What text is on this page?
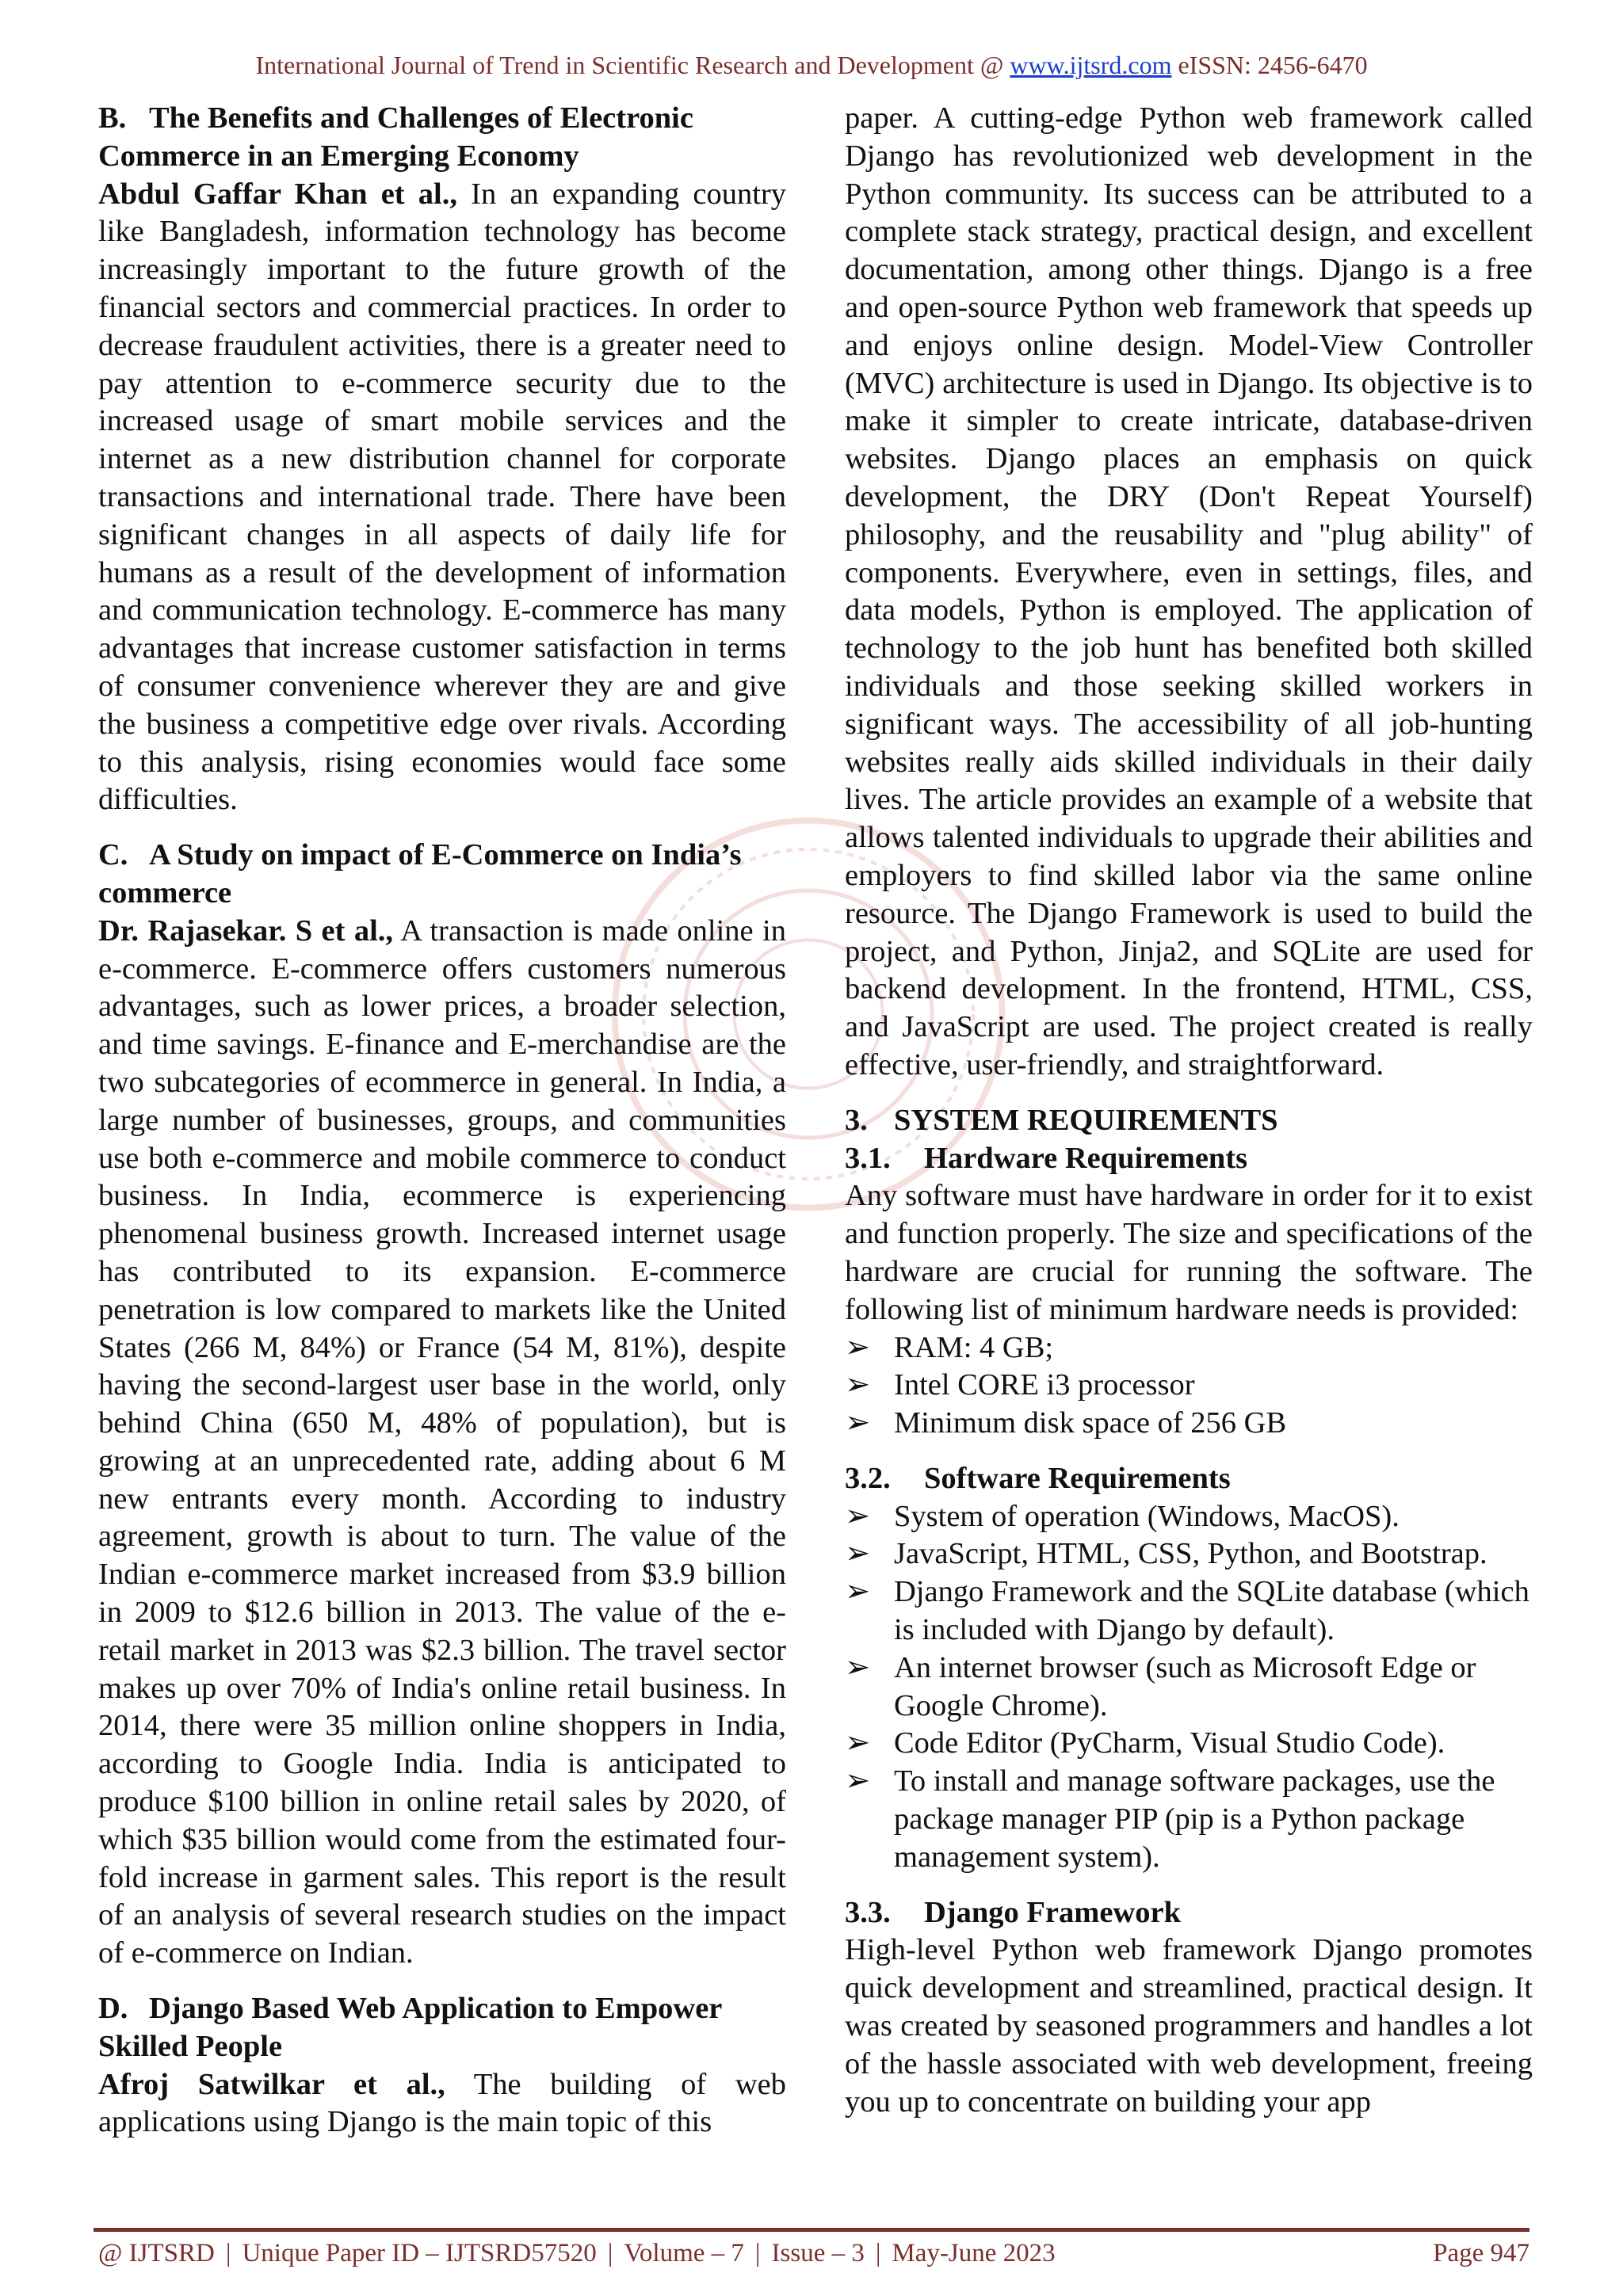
International Journal of Trend in Scientific Research and Development @ www.ijtsrd.com eISSN: 2456-6470
B. The Benefits and Challenges of Electronic Commerce in an Emerging Economy

Abdul Gaffar Khan et al., In an expanding country like Bangladesh, information technology has become increasingly important to the future growth of the financial sectors and commercial practices. In order to decrease fraudulent activities, there is a greater need to pay attention to e-commerce security due to the increased usage of smart mobile services and the internet as a new distribution channel for corporate transactions and international trade. There have been significant changes in all aspects of daily life for humans as a result of the development of information and communication technology. E-commerce has many advantages that increase customer satisfaction in terms of consumer convenience wherever they are and give the business a competitive edge over rivals. According to this analysis, rising economies would face some difficulties.

C. A Study on impact of E-Commerce on India’s commerce

Dr. Rajasekar. S et al., A transaction is made online in e-commerce. E-commerce offers customers numerous advantages, such as lower prices, a broader selection, and time savings. E-finance and E-merchandise are the two subcategories of ecommerce in general. In India, a large number of businesses, groups, and communities use both e-commerce and mobile commerce to conduct business. In India, ecommerce is experiencing phenomenal business growth. Increased internet usage has contributed to its expansion. E-commerce penetration is low compared to markets like the United States (266 M, 84%) or France (54 M, 81%), despite having the second-largest user base in the world, only behind China (650 M, 48% of population), but is growing at an unprecedented rate, adding about 6 M new entrants every month. According to industry agreement, growth is about to turn. The value of the Indian e-commerce market increased from $3.9 billion in 2009 to $12.6 billion in 2013. The value of the e-retail market in 2013 was $2.3 billion. The travel sector makes up over 70% of India's online retail business. In 2014, there were 35 million online shoppers in India, according to Google India. India is anticipated to produce $100 billion in online retail sales by 2020, of which $35 billion would come from the estimated four-fold increase in garment sales. This report is the result of an analysis of several research studies on the impact of e-commerce on Indian.

D. Django Based Web Application to Empower Skilled People

Afroj Satwilkar et al., The building of web applications using Django is the main topic of this

paper. A cutting-edge Python web framework called Django has revolutionized web development in the Python community. Its success can be attributed to a complete stack strategy, practical design, and excellent documentation, among other things. Django is a free and open-source Python web framework that speeds up and enjoys online design. Model-View Controller (MVC) architecture is used in Django. Its objective is to make it simpler to create intricate, database-driven websites. Django places an emphasis on quick development, the DRY (Don't Repeat Yourself) philosophy, and the reusability and "plug ability" of components. Everywhere, even in settings, files, and data models, Python is employed. The application of technology to the job hunt has benefited both skilled individuals and those seeking skilled workers in significant ways. The accessibility of all job-hunting websites really aids skilled individuals in their daily lives. The article provides an example of a website that allows talented individuals to upgrade their abilities and employers to find skilled labor via the same online resource. The Django Framework is used to build the project, and Python, Jinja2, and SQLite are used for backend development. In the frontend, HTML, CSS, and JavaScript are used. The project created is really effective, user-friendly, and straightforward.

3. SYSTEM REQUIREMENTS
3.1. Hardware Requirements

Any software must have hardware in order for it to exist and function properly. The size and specifications of the hardware are crucial for running the software. The following list of minimum hardware needs is provided:

➢ RAM: 4 GB;
➢ Intel CORE i3 processor
➢ Minimum disk space of 256 GB
3.2. Software Requirements
➢ System of operation (Windows, MacOS).
➢ JavaScript, HTML, CSS, Python, and Bootstrap.
➢ Django Framework and the SQLite database (which is included with Django by default).
➢ An internet browser (such as Microsoft Edge or Google Chrome).
➢ Code Editor (PyCharm, Visual Studio Code).
➢ To install and manage software packages, use the package manager PIP (pip is a Python package management system).
3.3. Django Framework

High-level Python web framework Django promotes quick development and streamlined, practical design. It was created by seasoned programmers and handles a lot of the hassle associated with web development, freeing you up to concentrate on building your app

@ IJTSRD | Unique Paper ID – IJTSRD57520 | Volume – 7 | Issue – 3 | May-June 2023	Page 947
